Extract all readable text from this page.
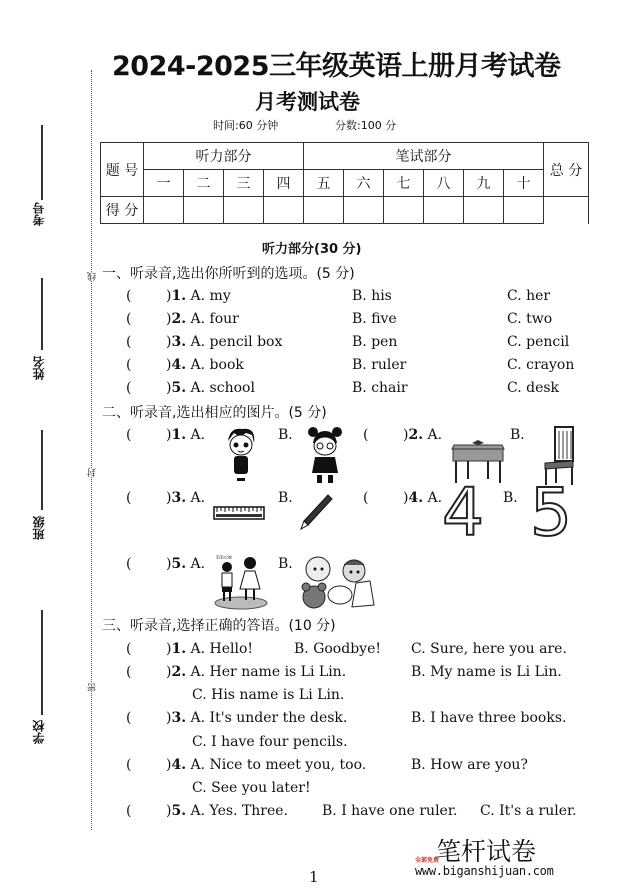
线
封
密
考号
姓名
班级
学校
2024-2025三年级英语上册月考试卷
月考测试卷
时间:60 分钟	分数:100 分
题 号	听力部分				笔试部分						总 分
	一	二	三	四	五	六	七	八	九	十	
得 分											
听力部分(30 分)
一、听录音,选出你所听到的选项。(5 分)
( )1. A. my	B. his	C. her
( )2. A. four	B. five	C. two
( )3. A. pencil box	B. pen	C. pencil
( )4. A. book	B. ruler	C. crayon
( )5. A. school	B. chair	C. desk
二、听录音,选出相应的图片。(5 分)
( )1. A.	B.	( )2. A.	B.
( )3. A.	B.	( )4. A. 4 B. 5
( )5. A. ℬℬ⊂ℵ	B.
三、听录音,选择正确的答语。(10 分)
( )1. A. Hello!	B. Goodbye! C. Sure, here you are.
( )2. A. Her name is Li Lin.	B. My name is Li Lin.
C. His name is Li Lin.
( )3. A. It's under the desk.	B. I have three books.
C. I have four pencils.
( )4. A. Nice to meet you, too.	B. How are you?
C. See you later!
( )5. A. Yes. Three. B. I have one ruler. C. It's a ruler.
1
笔杆试卷
全部免费
www.biganshijuan.com
